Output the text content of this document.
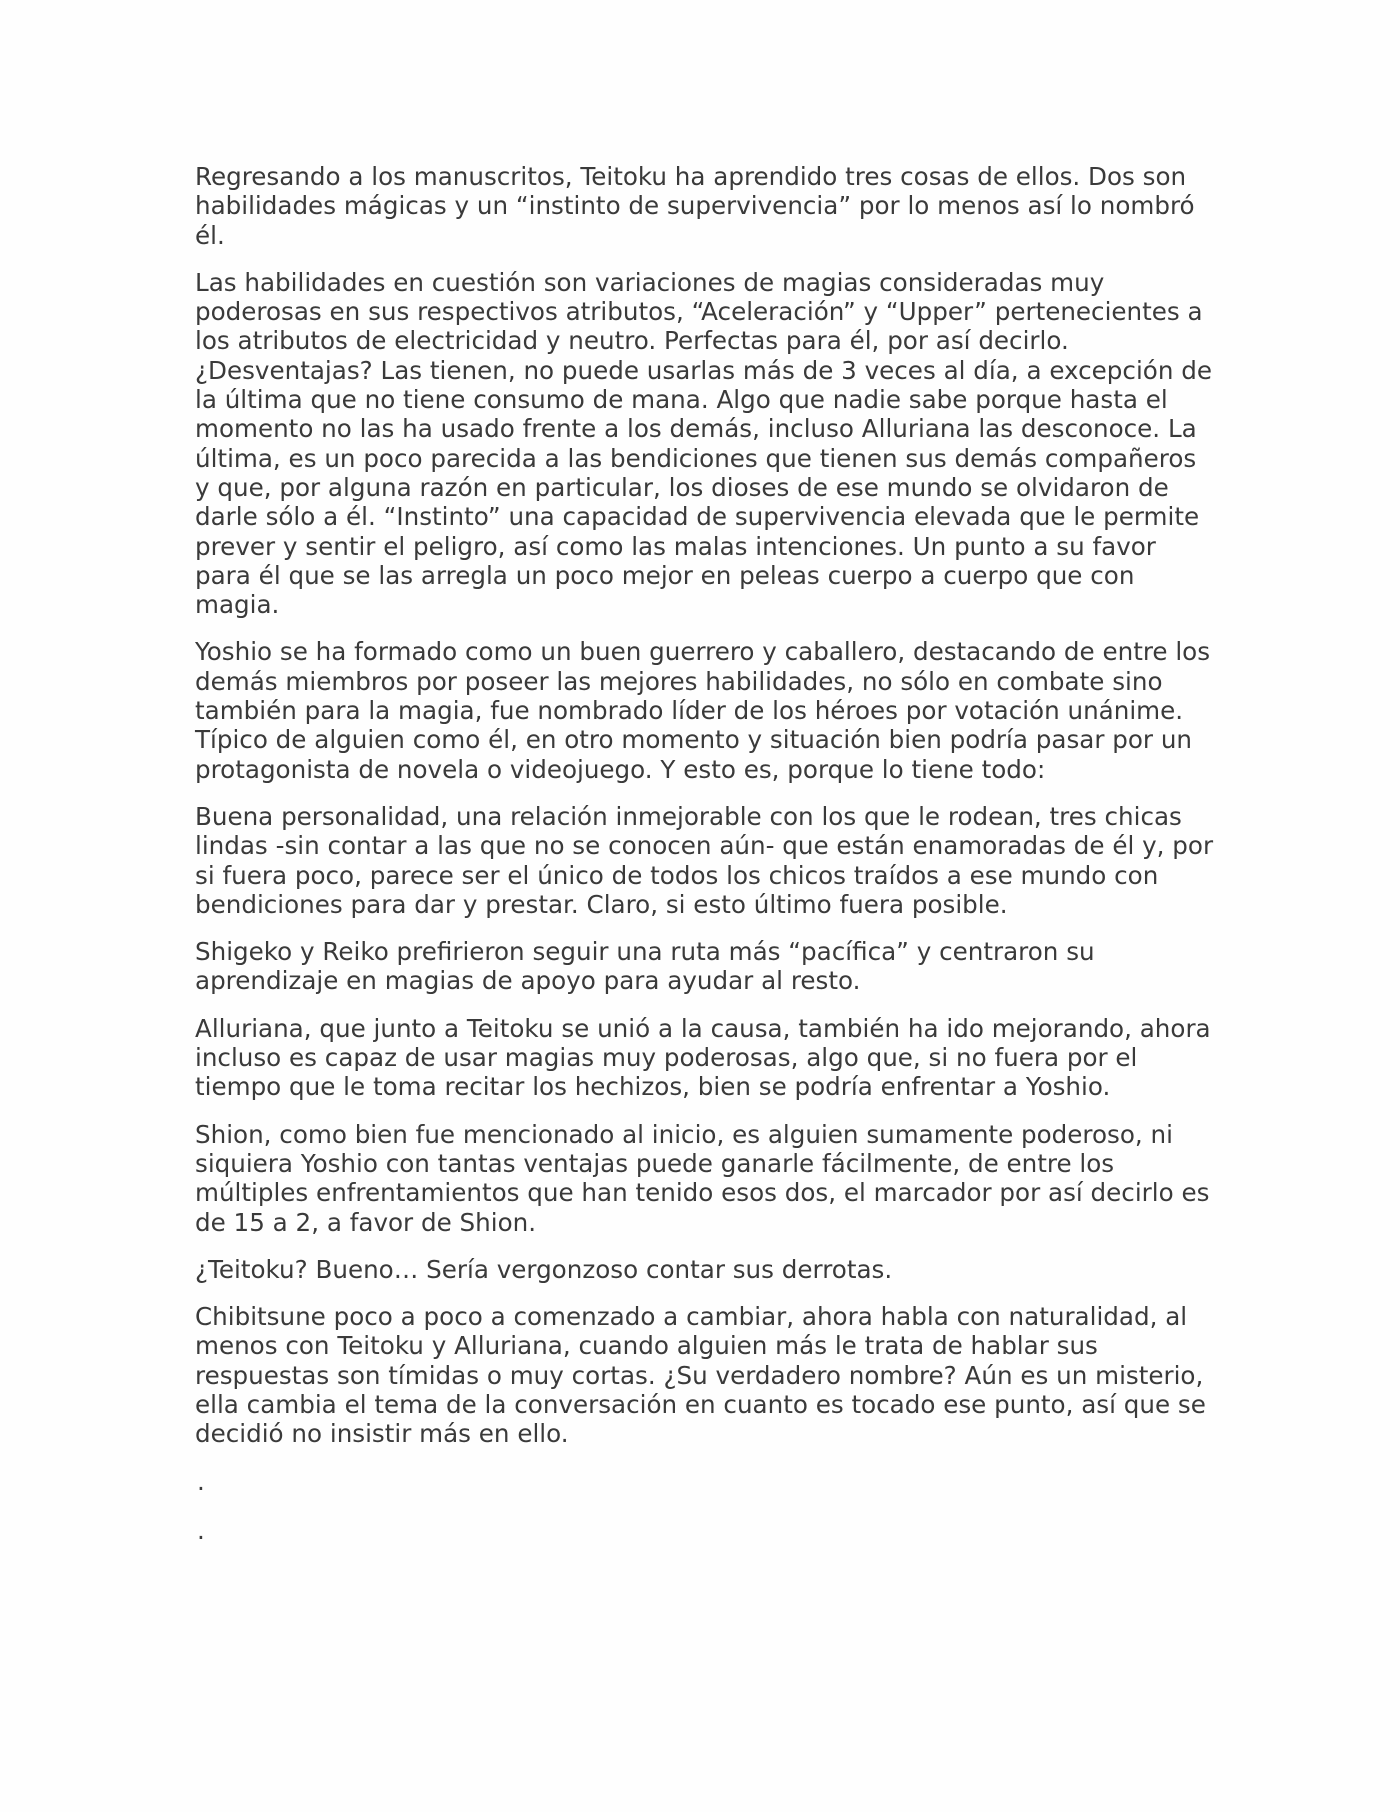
Regresando a los manuscritos, Teitoku ha aprendido tres cosas de ellos. Dos son habilidades mágicas y un “instinto de supervivencia” por lo menos así lo nombró él.

Las habilidades en cuestión son variaciones de magias consideradas muy poderosas en sus respectivos atributos, “Aceleración” y “Upper” pertenecientes a los atributos de electricidad y neutro. Perfectas para él, por así decirlo. ¿Desventajas? Las tienen, no puede usarlas más de 3 veces al día, a excepción de la última que no tiene consumo de mana. Algo que nadie sabe porque hasta el momento no las ha usado frente a los demás, incluso Alluriana las desconoce. La última, es un poco parecida a las bendiciones que tienen sus demás compañeros y que, por alguna razón en particular, los dioses de ese mundo se olvidaron de darle sólo a él. “Instinto” una capacidad de supervivencia elevada que le permite prever y sentir el peligro, así como las malas intenciones. Un punto a su favor para él que se las arregla un poco mejor en peleas cuerpo a cuerpo que con magia.

Yoshio se ha formado como un buen guerrero y caballero, destacando de entre los demás miembros por poseer las mejores habilidades, no sólo en combate sino también para la magia, fue nombrado líder de los héroes por votación unánime. Típico de alguien como él, en otro momento y situación bien podría pasar por un protagonista de novela o videojuego. Y esto es, porque lo tiene todo:

Buena personalidad, una relación inmejorable con los que le rodean, tres chicas lindas -sin contar a las que no se conocen aún- que están enamoradas de él y, por si fuera poco, parece ser el único de todos los chicos traídos a ese mundo con bendiciones para dar y prestar. Claro, si esto último fuera posible.

Shigeko y Reiko prefirieron seguir una ruta más “pacífica” y centraron su aprendizaje en magias de apoyo para ayudar al resto.

Alluriana, que junto a Teitoku se unió a la causa, también ha ido mejorando, ahora incluso es capaz de usar magias muy poderosas, algo que, si no fuera por el tiempo que le toma recitar los hechizos, bien se podría enfrentar a Yoshio.

Shion, como bien fue mencionado al inicio, es alguien sumamente poderoso, ni siquiera Yoshio con tantas ventajas puede ganarle fácilmente, de entre los múltiples enfrentamientos que han tenido esos dos, el marcador por así decirlo es de 15 a 2, a favor de Shion.

¿Teitoku? Bueno… Sería vergonzoso contar sus derrotas.

Chibitsune poco a poco a comenzado a cambiar, ahora habla con naturalidad, al menos con Teitoku y Alluriana, cuando alguien más le trata de hablar sus respuestas son tímidas o muy cortas. ¿Su verdadero nombre? Aún es un misterio, ella cambia el tema de la conversación en cuanto es tocado ese punto, así que se decidió no insistir más en ello.

.

.
